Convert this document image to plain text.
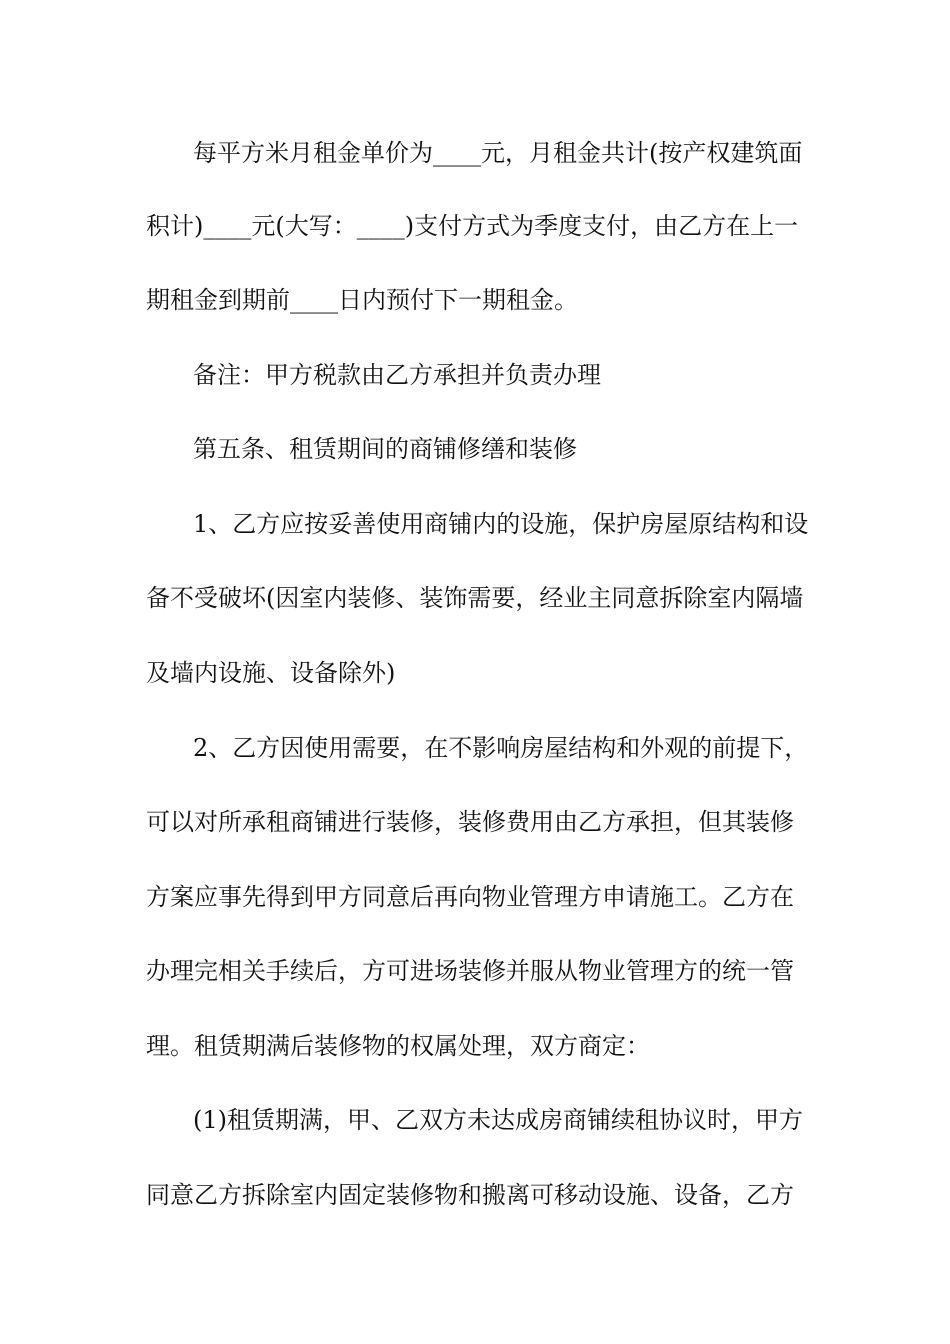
每平方米月租金单价为____元，月租金共计(按产权建筑面
积计)____元(大写：____)支付方式为季度支付，由乙方在上一
期租金到期前____日内预付下一期租金。
备注：甲方税款由乙方承担并负责办理
第五条、租赁期间的商铺修缮和装修
1、乙方应按妥善使用商铺内的设施，保护房屋原结构和设
备不受破坏(因室内装修、装饰需要，经业主同意拆除室内隔墙
及墙内设施、设备除外)
2、乙方因使用需要，在不影响房屋结构和外观的前提下，
可以对所承租商铺进行装修，装修费用由乙方承担，但其装修
方案应事先得到甲方同意后再向物业管理方申请施工。乙方在
办理完相关手续后，方可进场装修并服从物业管理方的统一管
理。租赁期满后装修物的权属处理，双方商定：
(1)租赁期满，甲、乙双方未达成房商铺续租协议时，甲方
同意乙方拆除室内固定装修物和搬离可移动设施、设备，乙方
